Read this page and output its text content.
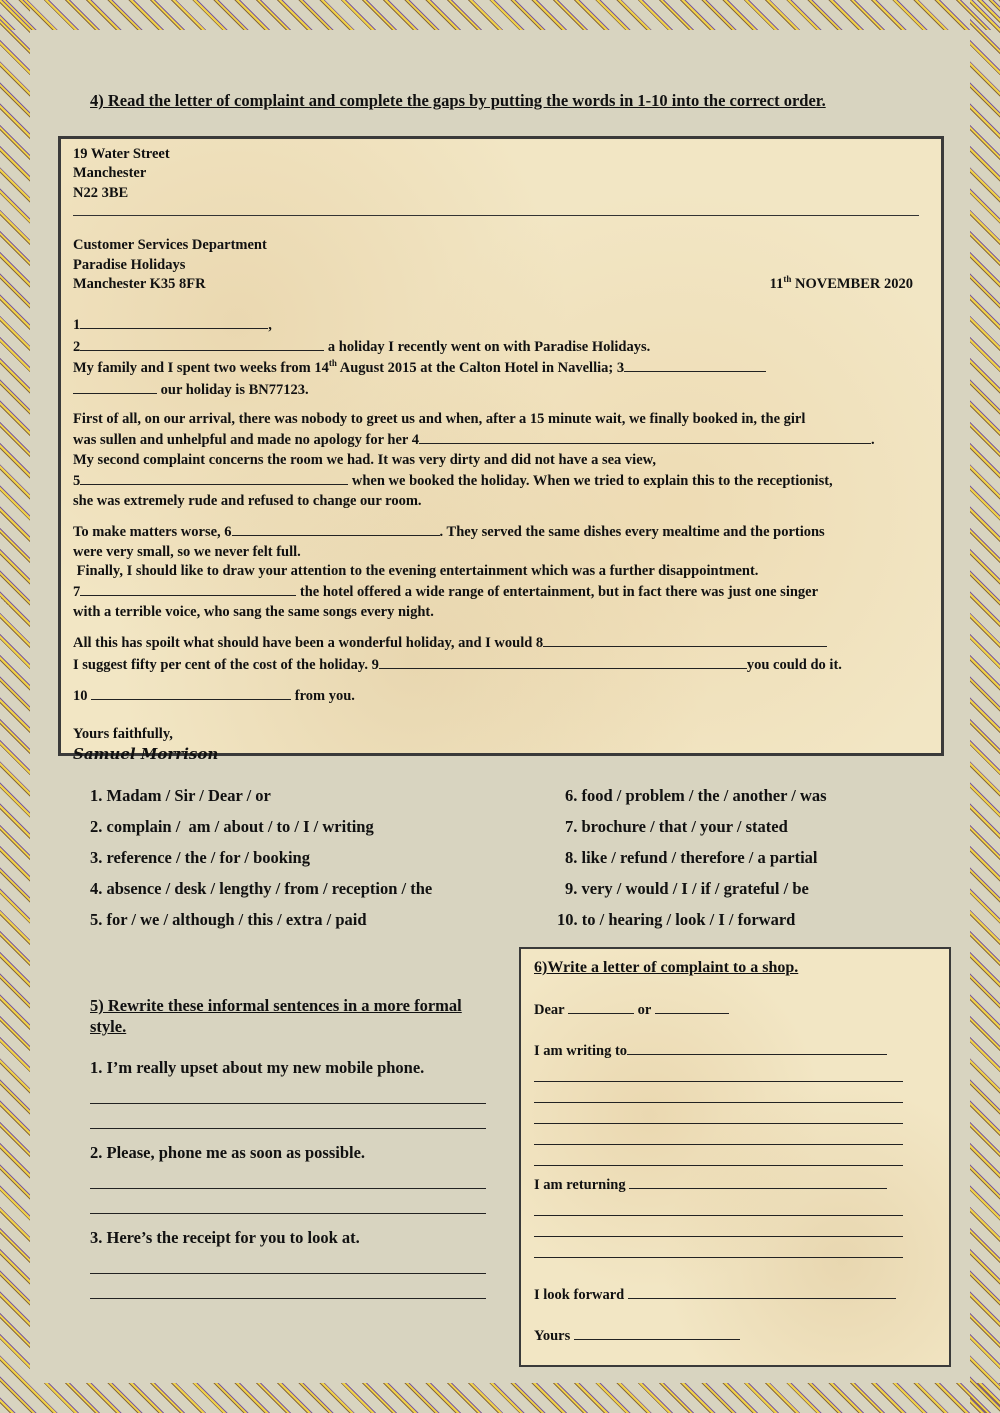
4) Read the letter of complaint and complete the gaps by putting the words in 1-10 into the correct order.
19 Water Street
Manchester
N22 3BE
Customer Services Department
Paradise Holidays
Manchester K35 8FR	11th NOVEMBER 2020
1	,
2	a holiday I recently went on with Paradise Holidays.
My family and I spent two weeks from 14th August 2015 at the Calton Hotel in Navellia; 3
our holiday is BN77123.
First of all, on our arrival, there was nobody to greet us and when, after a 15 minute wait, we finally booked in, the girl
was sullen and unhelpful and made no apology for her 4	.
My second complaint concerns the room we had. It was very dirty and did not have a sea view,
5	when we booked the holiday. When we tried to explain this to the receptionist,
she was extremely rude and refused to change our room.
To make matters worse, 6	. They served the same dishes every mealtime and the portions
were very small, so we never felt full.
Finally, I should like to draw your attention to the evening entertainment which was a further disappointment.
7	the hotel offered a wide range of entertainment, but in fact there was just one singer
with a terrible voice, who sang the same songs every night.
All this has spoilt what should have been a wonderful holiday, and I would 8
I suggest fifty per cent of the cost of the holiday. 9	you could do it.
10	from you.
Yours faithfully,
Samuel Morrison
1. Madam / Sir / Dear / or
2. complain /  am / about / to / I / writing
3. reference / the / for / booking
4. absence / desk / lengthy / from / reception / the
5. for / we / although / this / extra / paid
6. food / problem / the / another / was
7. brochure / that / your / stated
8. like / refund / therefore / a partial
9. very / would / I / if / grateful / be
10. to / hearing / look / I / forward
5) Rewrite these informal sentences in a more formal style.
1. I’m really upset about my new mobile phone.
2. Please, phone me as soon as possible.
3. Here’s the receipt for you to look at.
6)Write a letter of complaint to a shop.
Dear	or
I am writing to
I am returning
I look forward
Yours
